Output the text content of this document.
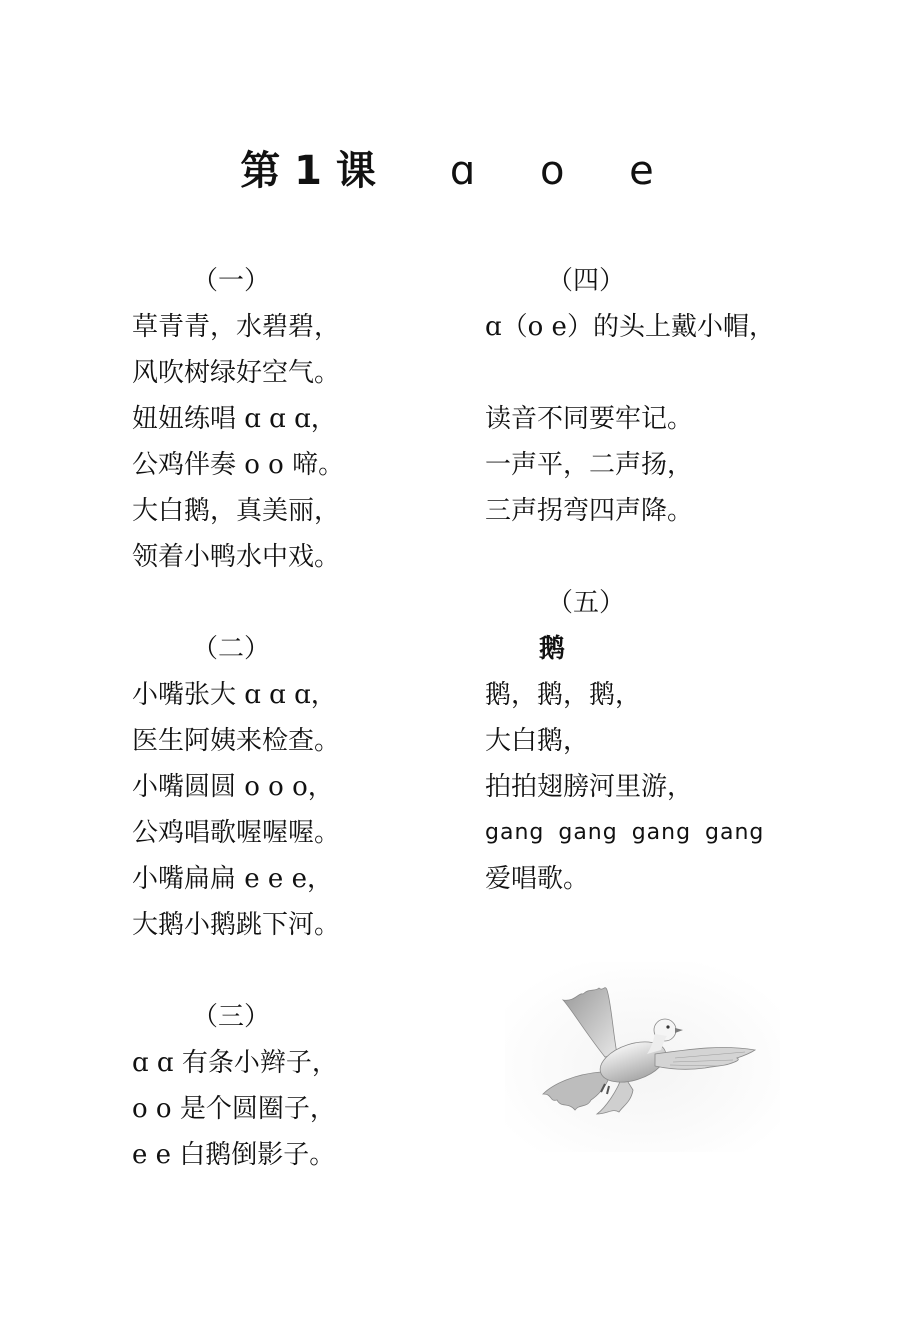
第 1 课 ɑ o e
（一）
草青青，水碧碧，
风吹树绿好空气。
妞妞练唱 ɑ ɑ ɑ，
公鸡伴奏 o o 啼。
大白鹅，真美丽，
领着小鸭水中戏。
（二）
小嘴张大 ɑ ɑ ɑ，
医生阿姨来检查。
小嘴圆圆 o o o，
公鸡唱歌喔喔喔。
小嘴扁扁 e e e，
大鹅小鹅跳下河。
（三）
ɑ ɑ 有条小辫子，
o o 是个圆圈子，
e e 白鹅倒影子。
（四）
ɑ（o e）的头上戴小帽，
读音不同要牢记。
一声平，二声扬，
三声拐弯四声降。
（五）
鹅
鹅，鹅，鹅，
大白鹅，
拍拍翅膀河里游，
gang gang gang gang
爱唱歌。
